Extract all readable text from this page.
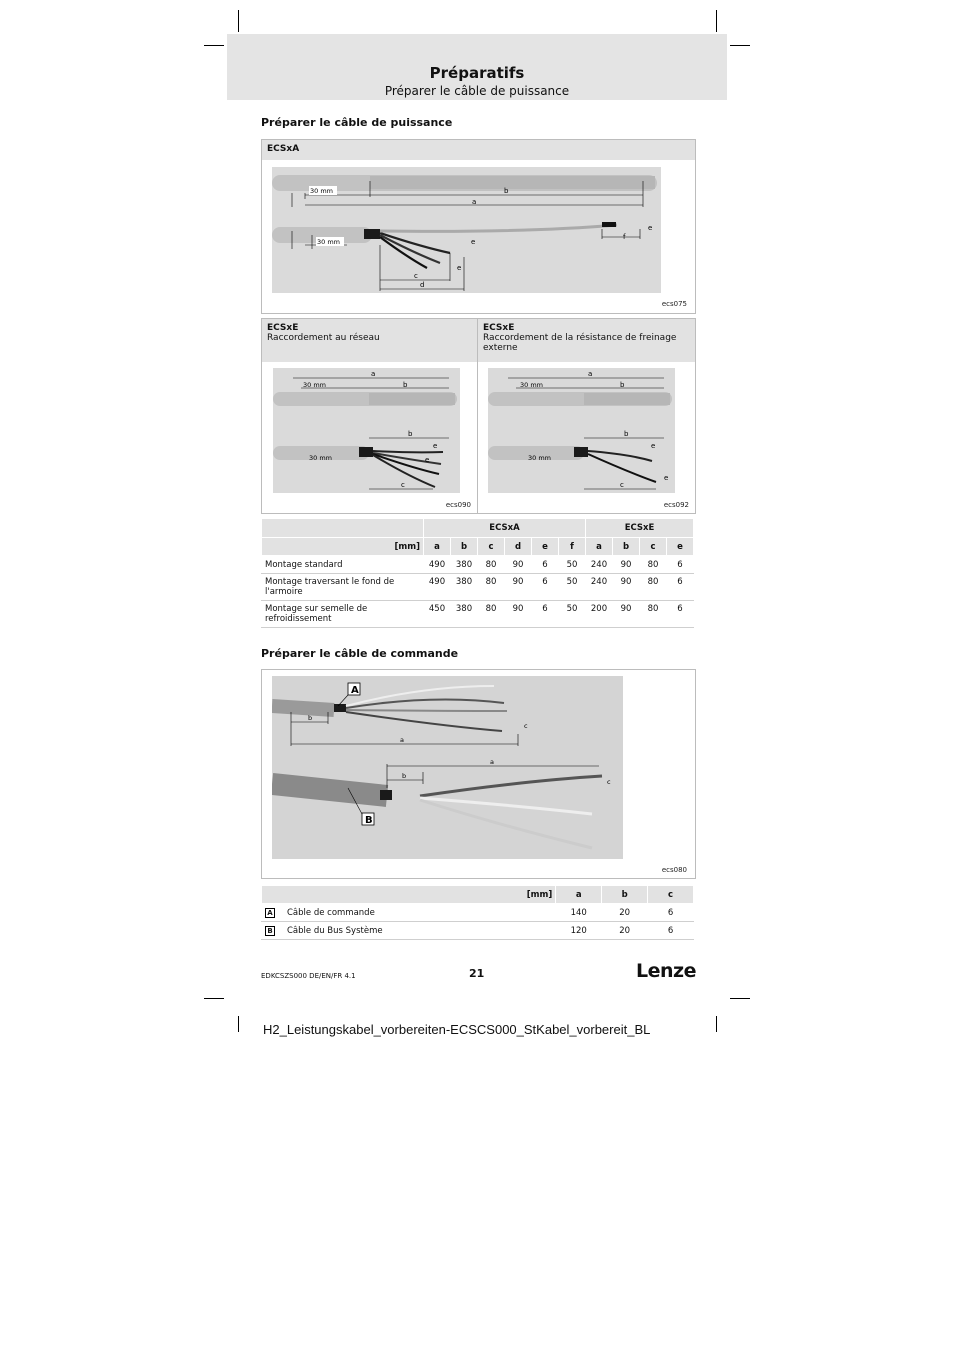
Préparatifs
Préparer le câble de puissance
Préparer le câble de puissance
ECSxA
30 mm	b
a
30 mm
c
d
e
e
f
e
ecs075
ECSxE
Raccordement au réseau
30 mm
a
b
b
c
30 mm
e
e
ecs090
ECSxE
Raccordement de la résistance de freinage externe
30 mm
a
b
b
c
30 mm
e
e
ecs092
	ECSxA						ECSxE			
[mm]	a	b	c	d	e	f	a	b	c	e
Montage standard	490	380	80	90	6	50	240	90	80	6
Montage traversant le fond de l'armoire	490	380	80	90	6	50	240	90	80	6
Montage sur semelle de refroidissement	450	380	80	90	6	50	200	90	80	6
Préparer le câble de commande
A
b
a
c
B
b
a
c
ecs080
[mm]		a	b	c
A	Câble de commande	140	20	6
B	Câble du Bus Système	120	20	6
EDKCSZS000 DE/EN/FR 4.1	21	Lenze
H2_Leistungskabel_vorbereiten-ECSCS000_StKabel_vorbereit_BL
